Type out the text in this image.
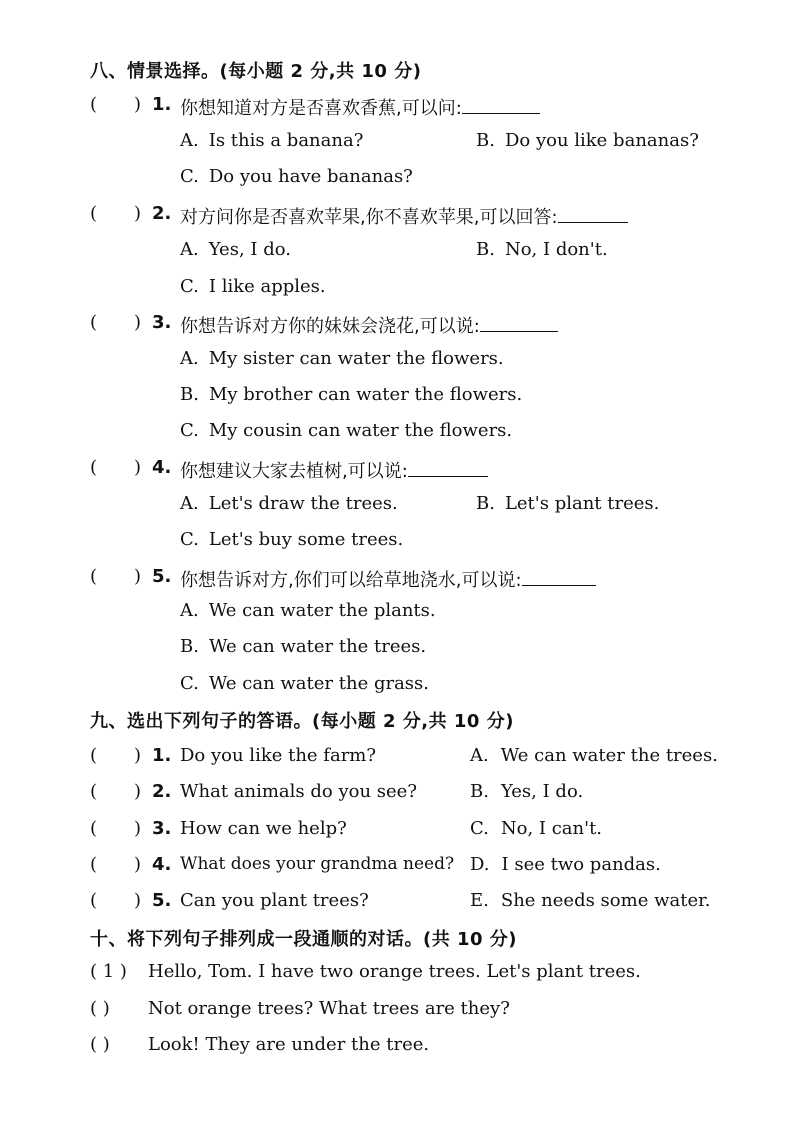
八、情景选择。(每小题 2 分,共 10 分)
( ) 1. 你想知道对方是否喜欢香蕉,可以问:
A. Is this a banana?	B. Do you like bananas?
C. Do you have bananas?
( ) 2. 对方问你是否喜欢苹果,你不喜欢苹果,可以回答:
A. Yes, I do.	B. No, I don't.
C. I like apples.
( ) 3. 你想告诉对方你的妹妹会浇花,可以说:
A. My sister can water the flowers.
B. My brother can water the flowers.
C. My cousin can water the flowers.
( ) 4. 你想建议大家去植树,可以说:
A. Let's draw the trees.	B. Let's plant trees.
C. Let's buy some trees.
( ) 5. 你想告诉对方,你们可以给草地浇水,可以说:
A. We can water the plants.
B. We can water the trees.
C. We can water the grass.
九、选出下列句子的答语。(每小题 2 分,共 10 分)
( ) 1. Do you like the farm?	A. We can water the trees.
( ) 2. What animals do you see?	B. Yes, I do.
( ) 3. How can we help?	C. No, I can't.
( ) 4. What does your grandma need? D. I see two pandas.
( ) 5. Can you plant trees?	E. She needs some water.
十、将下列句子排列成一段通顺的对话。(共 10 分)
( 1 ) Hello, Tom. I have two orange trees. Let's plant trees.
( ) Not orange trees? What trees are they?
( ) Look! They are under the tree.
